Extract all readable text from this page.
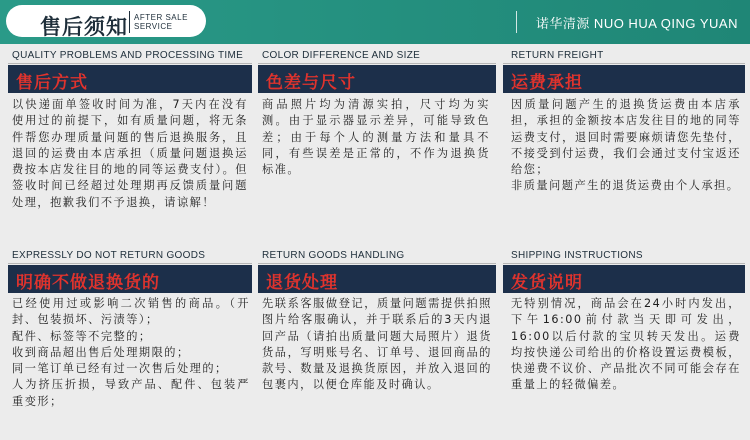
售后须知 AFTER SALE
SERVICE	诺华清源 NUO HUA QING YUAN
QUALITY PROBLEMS AND PROCESSING TIME
售后方式

以快递面单签收时间为准，7天内在没有使用过的前提下，如有质量问题，将无条件帮您办理质量问题的售后退换服务，且退回的运费由本店承担（质量问题退换运费按本店发往目的地的同等运费支付）。但签收时间已经超过处理期再反馈质量问题处理，抱歉我们不予退换，请谅解！

COLOR DIFFERENCE AND SIZE
色差与尺寸

商品照片均为清源实拍，尺寸均为实测。由于显示器显示差异，可能导致色差；由于每个人的测量方法和量具不同，有些误差是正常的，不作为退换货标准。

RETURN FREIGHT
运费承担

因质量问题产生的退换货运费由本店承担，承担的金额按本店发往目的地的同等运费支付，退回时需要麻烦请您先垫付，不接受到付运费，我们会通过支付宝返还给您；

非质量问题产生的退货运费由个人承担。

EXPRESSLY DO NOT RETURN GOODS
明确不做退换货的

已经使用过或影响二次销售的商品。（开封、包装损坏、污渍等）；

配件、标签等不完整的；

收到商品超出售后处理期限的；

同一笔订单已经有过一次售后处理的；

人为挤压折损，导致产品、配件、包装严重变形；

RETURN GOODS HANDLING
退货处理

先联系客服做登记，质量问题需提供拍照图片给客服确认，并于联系后的3天内退回产品（请拍出质量问题大局照片）退货货品，写明账号名、订单号、退回商品的款号、数量及退换货原因，并放入退回的包裹内，以便仓库能及时确认。

SHIPPING INSTRUCTIONS
发货说明

无特别情况，商品会在24小时内发出，下午16:00前付款当天即可发出，16:00以后付款的宝贝转天发出。运费均按快递公司给出的价格设置运费模板，快递费不议价、产品批次不同可能会存在重量上的轻微偏差。
